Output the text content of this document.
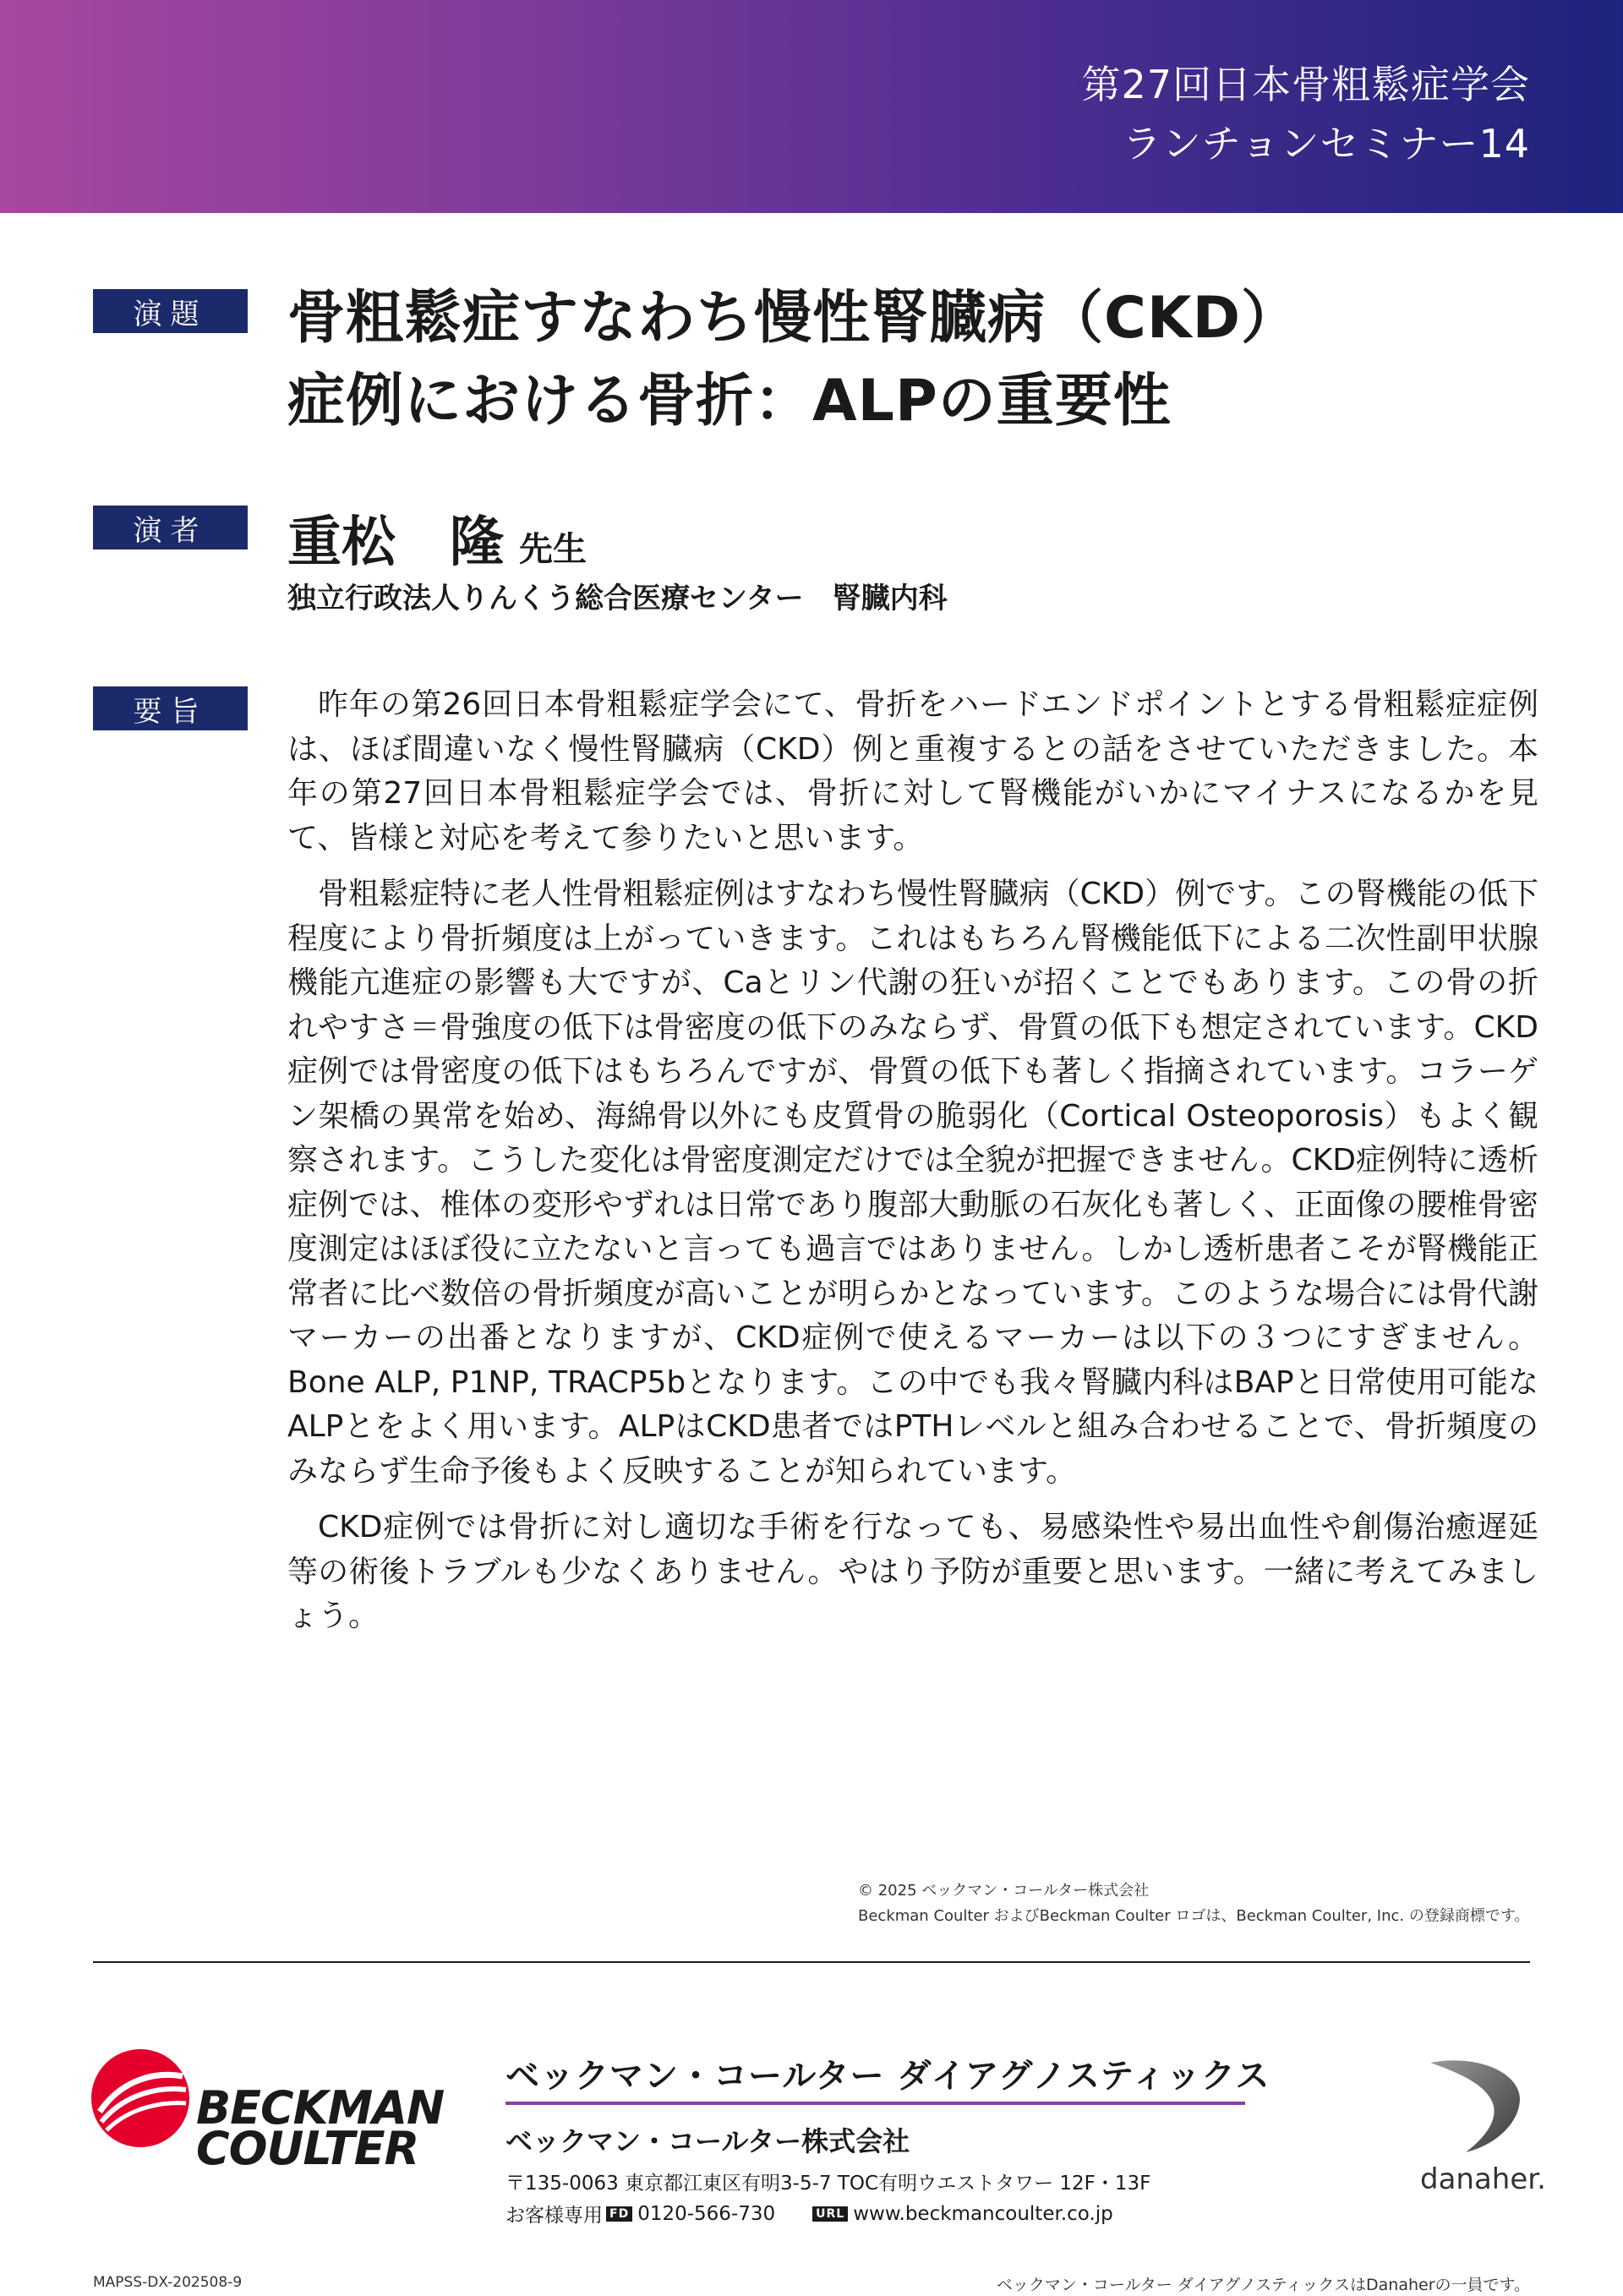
第27回日本骨粗鬆症学会
ランチョンセミナー14
演題	骨粗鬆症すなわち慢性腎臓病（CKD）
症例における骨折：ALPの重要性
演者	重松　隆 先生
独立行政法人りんくう総合医療センター　腎臓内科
要旨	昨年の第26回日本骨粗鬆症学会にて、骨折をハードエンドポイントとする骨粗鬆症症例は、ほぼ間違いなく慢性腎臓病（CKD）例と重複するとの話をさせていただきました。本年の第27回日本骨粗鬆症学会では、骨折に対して腎機能がいかにマイナスになるかを見て、皆様と対応を考えて参りたいと思います。

骨粗鬆症特に老人性骨粗鬆症例はすなわち慢性腎臓病（CKD）例です。この腎機能の低下程度により骨折頻度は上がっていきます。これはもちろん腎機能低下による二次性副甲状腺機能亢進症の影響も大ですが、Caとリン代謝の狂いが招くことでもあります。この骨の折れやすさ＝骨強度の低下は骨密度の低下のみならず、骨質の低下も想定されています。CKD症例では骨密度の低下はもちろんですが、骨質の低下も著しく指摘されています。コラーゲン架橋の異常を始め、海綿骨以外にも皮質骨の脆弱化（Cortical Osteoporosis）もよく観察されます。こうした変化は骨密度測定だけでは全貌が把握できません。CKD症例特に透析症例では、椎体の変形やずれは日常であり腹部大動脈の石灰化も著しく、正面像の腰椎骨密度測定はほぼ役に立たないと言っても過言ではありません。しかし透析患者こそが腎機能正常者に比べ数倍の骨折頻度が高いことが明らかとなっています。このような場合には骨代謝マーカーの出番となりますが、CKD症例で使えるマーカーは以下の３つにすぎません。Bone ALP, P1NP, TRACP5bとなります。この中でも我々腎臓内科はBAPと日常使用可能なALPとをよく用います。ALPはCKD患者ではPTHレベルと組み合わせることで、骨折頻度のみならず生命予後もよく反映することが知られています。

CKD症例では骨折に対し適切な手術を行なっても、易感染性や易出血性や創傷治癒遅延等の術後トラブルも少なくありません。やはり予防が重要と思います。一緒に考えてみましょう。

© 2025 ベックマン・コールター株式会社
Beckman Coulter およびBeckman Coulter ロゴは、Beckman Coulter, Inc. の登録商標です。
BECKMAN
COULTER
ベックマン・コールター ダイアグノスティックス
ベックマン・コールター株式会社
〒135-0063 東京都江東区有明3-5-7 TOC有明ウエストタワー 12F・13F
お客様専用 FD 0120-566-730	URL www.beckmancoulter.co.jp
danaher.
MAPSS-DX-202508-9	ベックマン・コールター ダイアグノスティックスはDanaherの一員です。
